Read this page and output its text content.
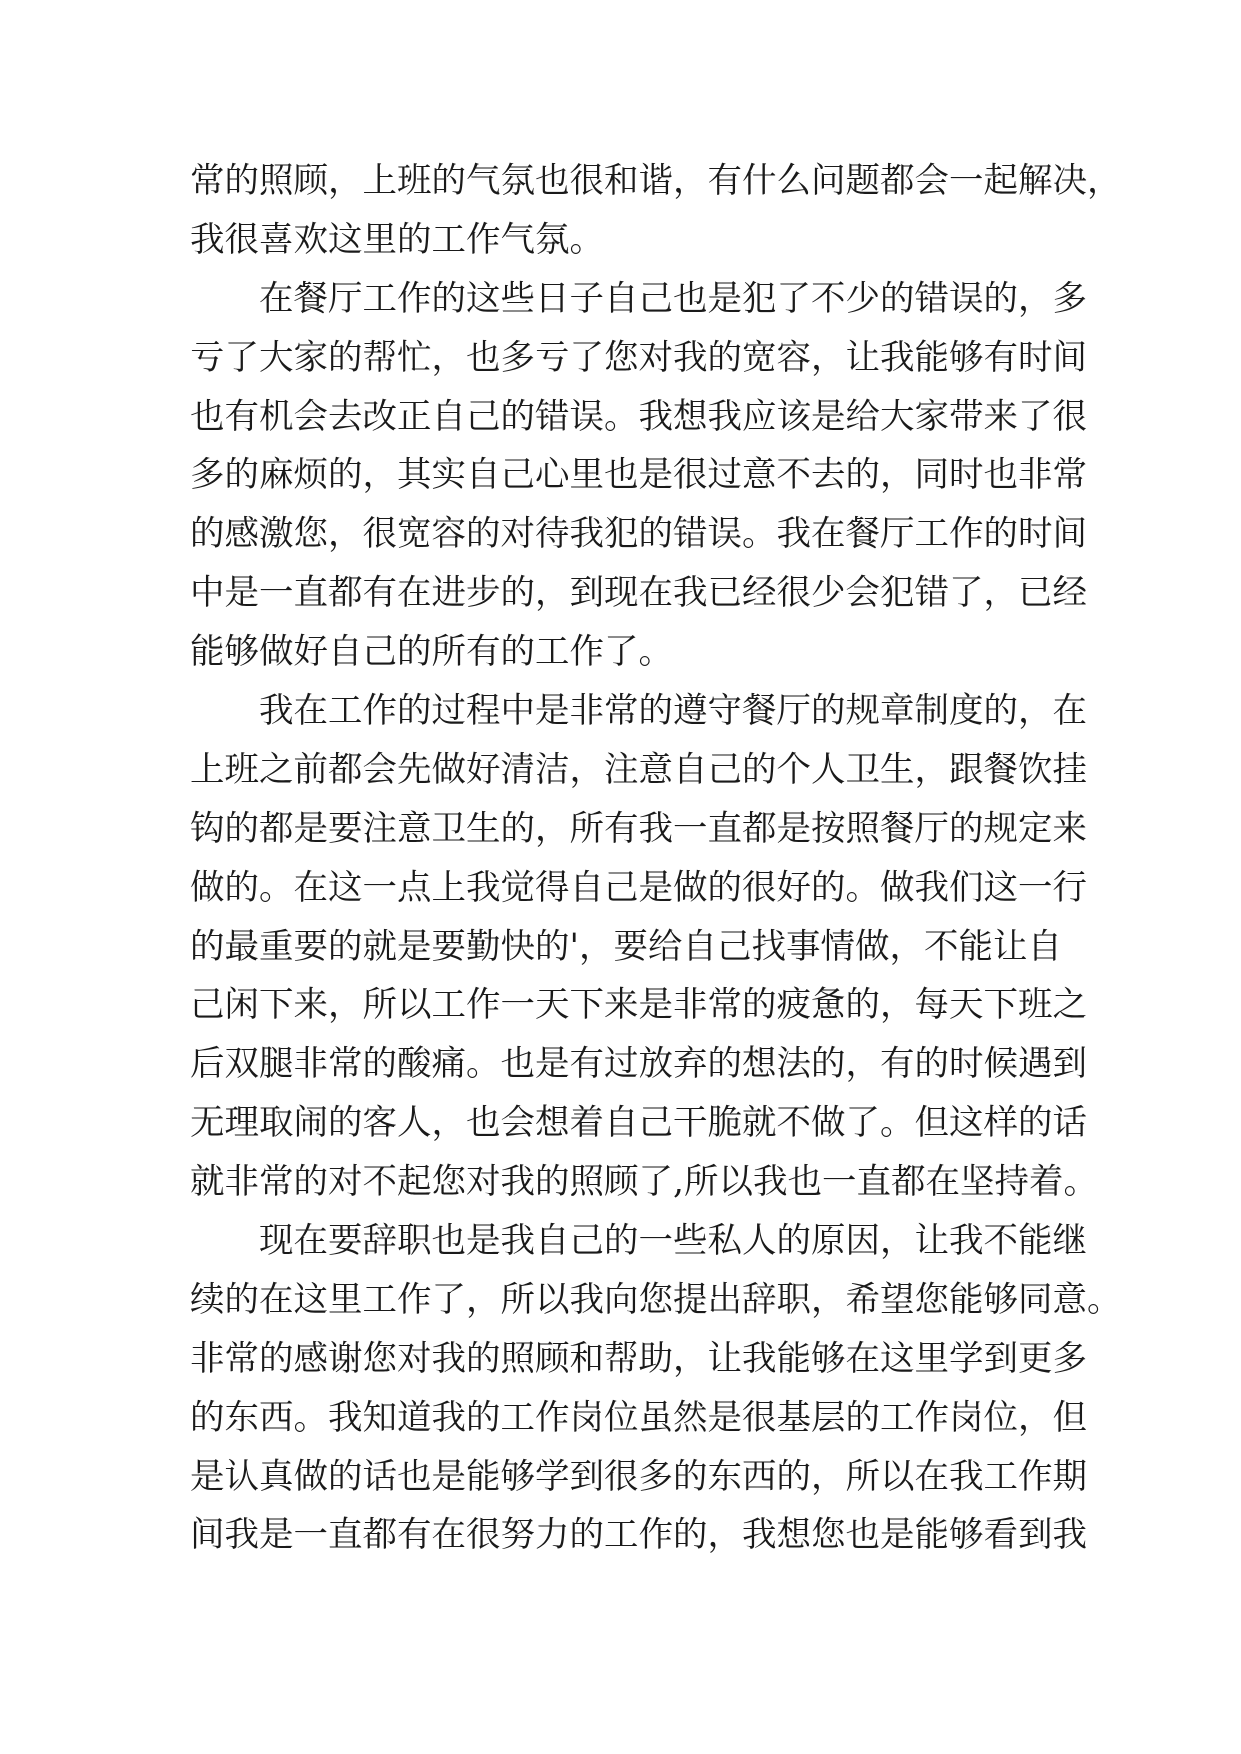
常的照顾，上班的气氛也很和谐，有什么问题都会一起解决，
我很喜欢这里的工作气氛。
　　在餐厅工作的这些日子自己也是犯了不少的错误的，多
亏了大家的帮忙，也多亏了您对我的宽容，让我能够有时间
也有机会去改正自己的错误。我想我应该是给大家带来了很
多的麻烦的，其实自己心里也是很过意不去的，同时也非常
的感激您，很宽容的对待我犯的错误。我在餐厅工作的时间
中是一直都有在进步的，到现在我已经很少会犯错了，已经
能够做好自己的所有的工作了。
　　我在工作的过程中是非常的遵守餐厅的规章制度的，在
上班之前都会先做好清洁，注意自己的个人卫生，跟餐饮挂
钩的都是要注意卫生的，所有我一直都是按照餐厅的规定来
做的。在这一点上我觉得自己是做的很好的。做我们这一行
的最重要的就是要勤快的'，要给自己找事情做，不能让自
己闲下来，所以工作一天下来是非常的疲惫的，每天下班之
后双腿非常的酸痛。也是有过放弃的想法的，有的时候遇到
无理取闹的客人，也会想着自己干脆就不做了。但这样的话
就非常的对不起您对我的照顾了,所以我也一直都在坚持着。
　　现在要辞职也是我自己的一些私人的原因，让我不能继
续的在这里工作了，所以我向您提出辞职，希望您能够同意。
非常的感谢您对我的照顾和帮助，让我能够在这里学到更多
的东西。我知道我的工作岗位虽然是很基层的工作岗位，但
是认真做的话也是能够学到很多的东西的，所以在我工作期
间我是一直都有在很努力的工作的，我想您也是能够看到我
